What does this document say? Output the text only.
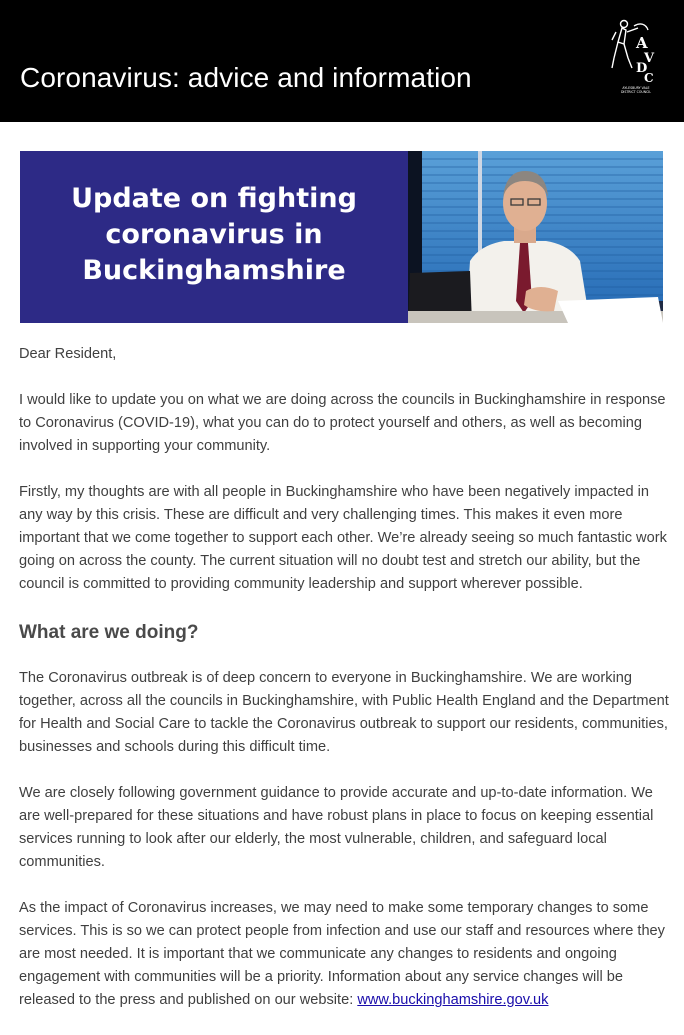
Coronavirus: advice and information
A
V
D
C
AYLESBURY VALE
DISTRICT COUNCIL
Update on fighting
coronavirus in
Buckinghamshire

Dear Resident,

I would like to update you on what we are doing across the councils in Buckinghamshire in response to Coronavirus (COVID-19), what you can do to protect yourself and others, as well as becoming involved in supporting your community.

Firstly, my thoughts are with all people in Buckinghamshire who have been negatively impacted in any way by this crisis. These are difficult and very challenging times. This makes it even more important that we come together to support each other. We’re already seeing so much fantastic work going on across the county. The current situation will no doubt test and stretch our ability, but the council is committed to providing community leadership and support wherever possible.

What are we doing?

The Coronavirus outbreak is of deep concern to everyone in Buckinghamshire. We are working together, across all the councils in Buckinghamshire, with Public Health England and the Department for Health and Social Care to tackle the Coronavirus outbreak to support our residents, communities, businesses and schools during this difficult time.

We are closely following government guidance to provide accurate and up-to-date information. We are well-prepared for these situations and have robust plans in place to focus on keeping essential services running to look after our elderly, the most vulnerable, children, and safeguard local communities.

As the impact of Coronavirus increases, we may need to make some temporary changes to some services. This is so we can protect people from infection and use our staff and resources where they are most needed. It is important that we communicate any changes to residents and ongoing engagement with communities will be a priority. Information about any service changes will be released to the press and published on our website: www.buckinghamshire.gov.uk
